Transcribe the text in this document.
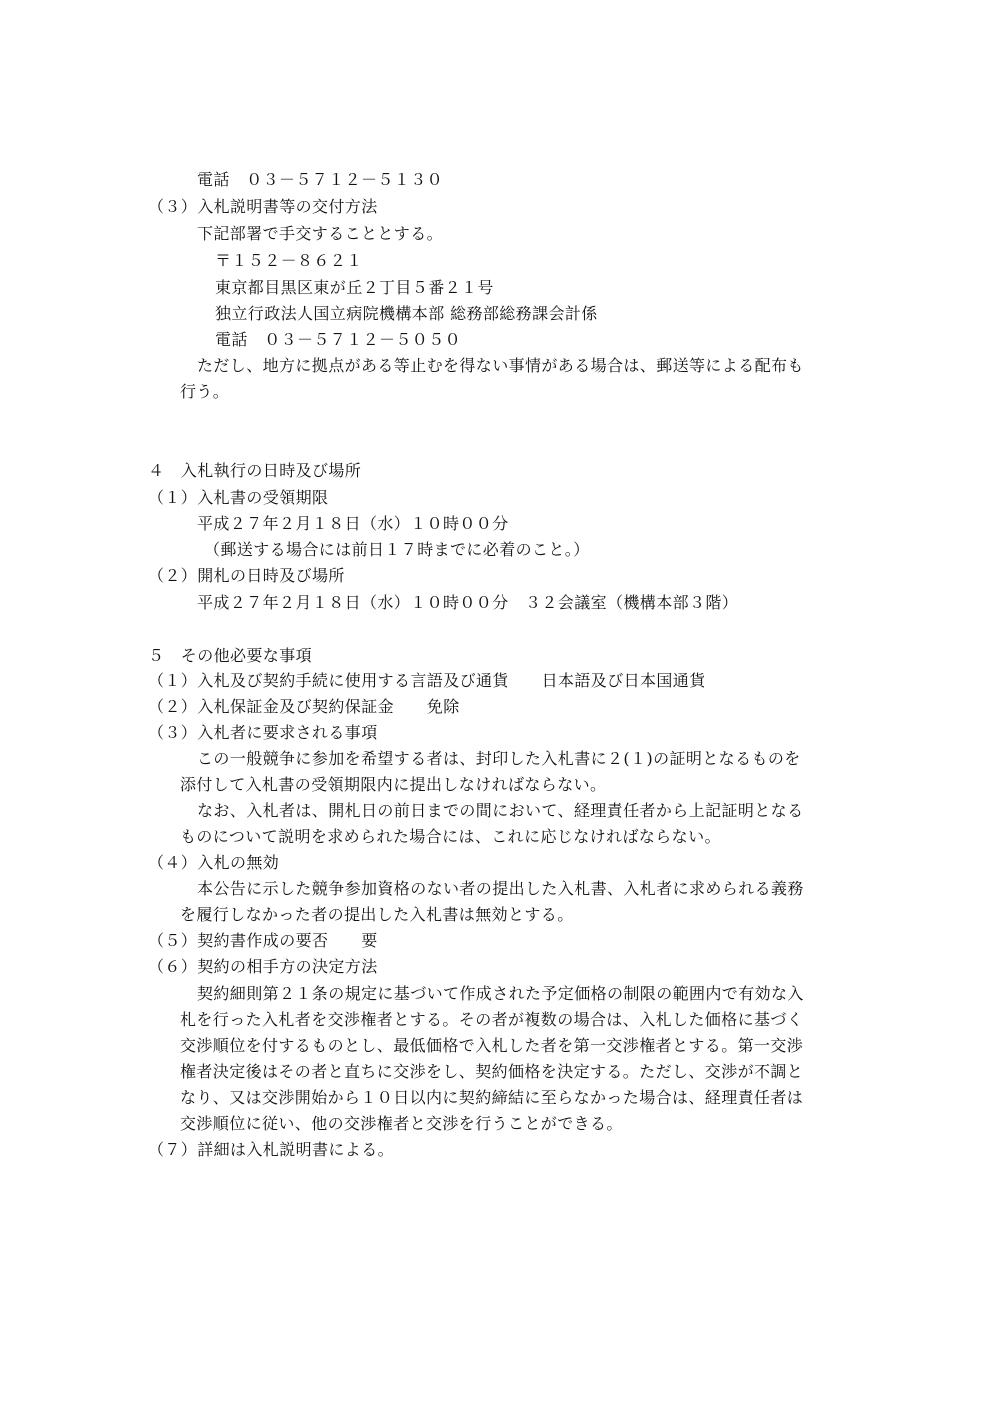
電話　０３－５７１２－５１３０
（３）入札説明書等の交付方法
下記部署で手交することとする。
〒１５２－８６２１
東京都目黒区東が丘２丁目５番２１号
独立行政法人国立病院機構本部 総務部総務課会計係
電話　０３－５７１２－５０５０
ただし、地方に拠点がある等止むを得ない事情がある場合は、郵送等による配布も
行う。
４　入札執行の日時及び場所
（１）入札書の受領期限
平成２７年２月１８日（水）１０時００分
（郵送する場合には前日１７時までに必着のこと。）
（２）開札の日時及び場所
平成２７年２月１８日（水）１０時００分　３２会議室（機構本部３階）
５　その他必要な事項
（１）入札及び契約手続に使用する言語及び通貨　　日本語及び日本国通貨
（２）入札保証金及び契約保証金　　免除
（３）入札者に要求される事項
この一般競争に参加を希望する者は、封印した入札書に２(１)の証明となるものを
添付して入札書の受領期限内に提出しなければならない。
なお、入札者は、開札日の前日までの間において、経理責任者から上記証明となる
ものについて説明を求められた場合には、これに応じなければならない。
（４）入札の無効
本公告に示した競争参加資格のない者の提出した入札書、入札者に求められる義務
を履行しなかった者の提出した入札書は無効とする。
（５）契約書作成の要否　　要
（６）契約の相手方の決定方法
契約細則第２１条の規定に基づいて作成された予定価格の制限の範囲内で有効な入
札を行った入札者を交渉権者とする。その者が複数の場合は、入札した価格に基づく
交渉順位を付するものとし、最低価格で入札した者を第一交渉権者とする。第一交渉
権者決定後はその者と直ちに交渉をし、契約価格を決定する。ただし、交渉が不調と
なり、又は交渉開始から１０日以内に契約締結に至らなかった場合は、経理責任者は
交渉順位に従い、他の交渉権者と交渉を行うことができる。
（７）詳細は入札説明書による。
